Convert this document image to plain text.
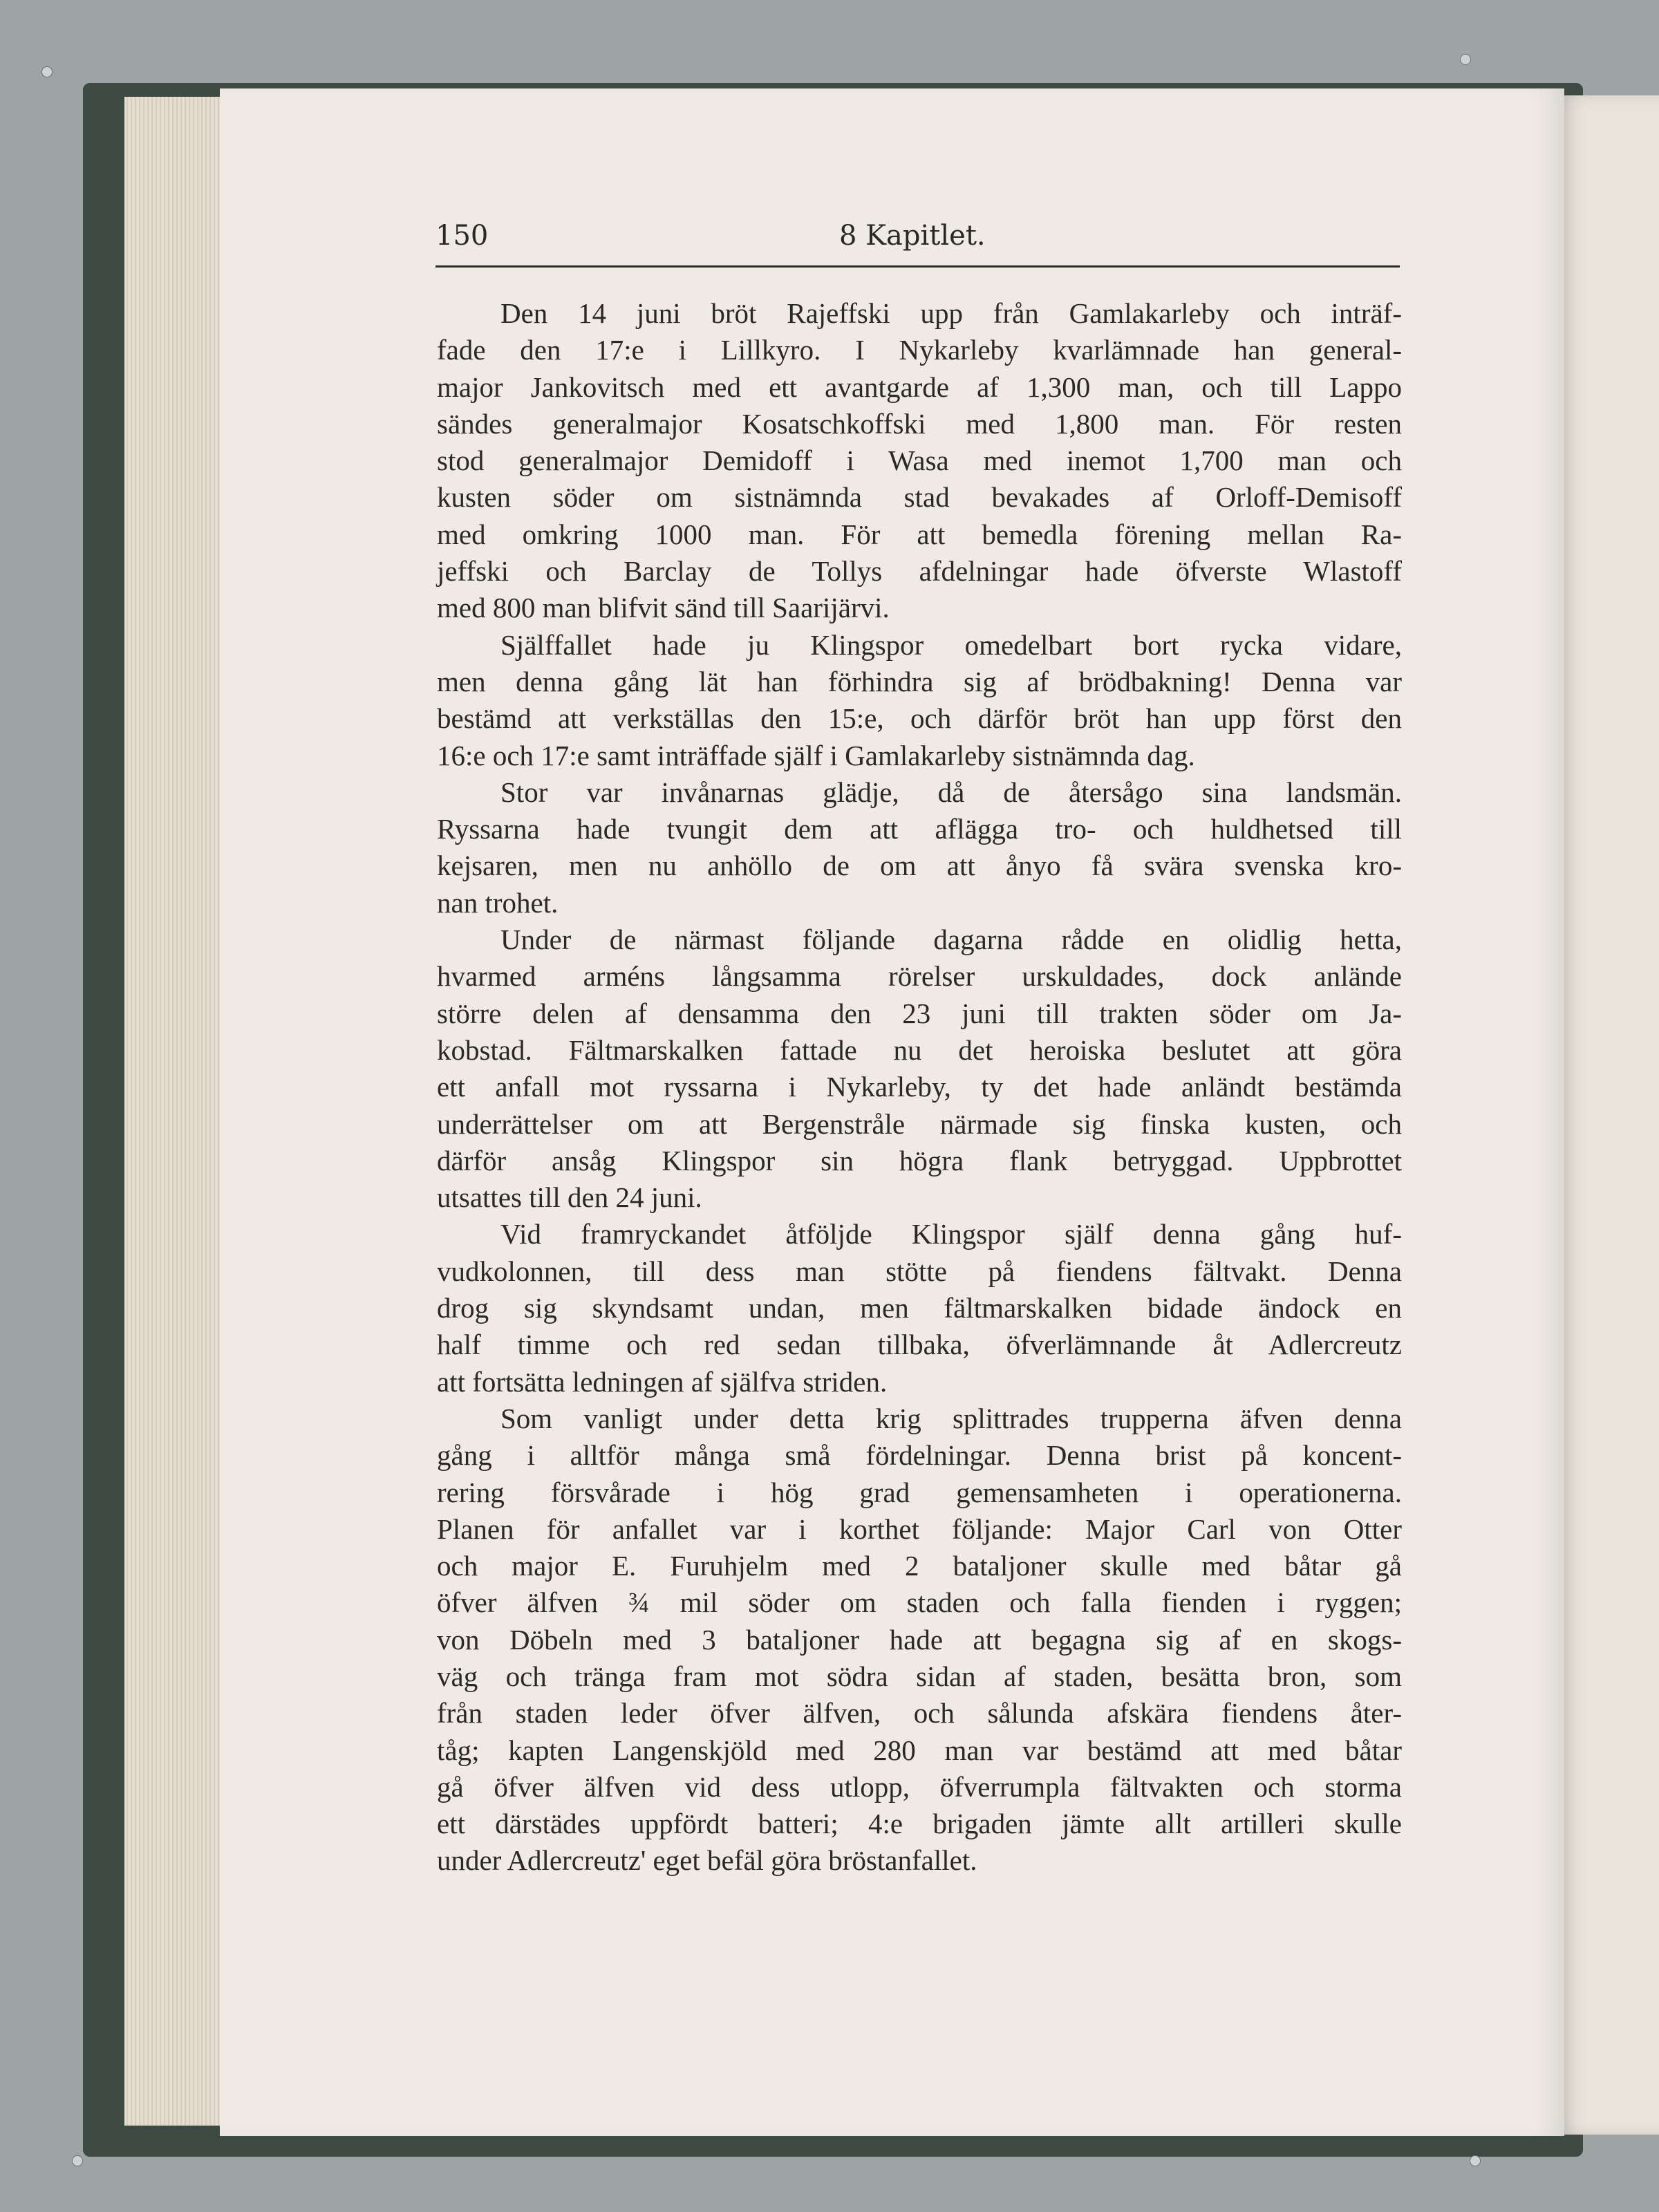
150	8 Kapitlet.
Den 14 juni bröt Rajeffski upp från Gamlakarleby och inträf-
fade den 17:e i Lillkyro. I Nykarleby kvarlämnade han general-
major Jankovitsch med ett avantgarde af 1,300 man, och till Lappo
sändes generalmajor Kosatschkoffski med 1,800 man. För resten
stod generalmajor Demidoff i Wasa med inemot 1,700 man och
kusten söder om sistnämnda stad bevakades af Orloff-Demisoff
med omkring 1000 man. För att bemedla förening mellan Ra-
jeffski och Barclay de Tollys afdelningar hade öfverste Wlastoff
med 800 man blifvit sänd till Saarijärvi.
Själffallet hade ju Klingspor omedelbart bort rycka vidare,
men denna gång lät han förhindra sig af brödbakning! Denna var
bestämd att verkställas den 15:e, och därför bröt han upp först den
16:e och 17:e samt inträffade själf i Gamlakarleby sistnämnda dag.
Stor var invånarnas glädje, då de återsågo sina landsmän.
Ryssarna hade tvungit dem att aflägga tro- och huldhetsed till
kejsaren, men nu anhöllo de om att ånyo få svära svenska kro-
nan trohet.
Under de närmast följande dagarna rådde en olidlig hetta,
hvarmed arméns långsamma rörelser urskuldades, dock anlände
större delen af densamma den 23 juni till trakten söder om Ja-
kobstad. Fältmarskalken fattade nu det heroiska beslutet att göra
ett anfall mot ryssarna i Nykarleby, ty det hade anländt bestämda
underrättelser om att Bergenstråle närmade sig finska kusten, och
därför ansåg Klingspor sin högra flank betryggad. Uppbrottet
utsattes till den 24 juni.
Vid framryckandet åtföljde Klingspor själf denna gång huf-
vudkolonnen, till dess man stötte på fiendens fältvakt. Denna
drog sig skyndsamt undan, men fältmarskalken bidade ändock en
half timme och red sedan tillbaka, öfverlämnande åt Adlercreutz
att fortsätta ledningen af själfva striden.
Som vanligt under detta krig splittrades trupperna äfven denna
gång i alltför många små fördelningar. Denna brist på koncent-
rering försvårade i hög grad gemensamheten i operationerna.
Planen för anfallet var i korthet följande: Major Carl von Otter
och major E. Furuhjelm med 2 bataljoner skulle med båtar gå
öfver älfven ¾ mil söder om staden och falla fienden i ryggen;
von Döbeln med 3 bataljoner hade att begagna sig af en skogs-
väg och tränga fram mot södra sidan af staden, besätta bron, som
från staden leder öfver älfven, och sålunda afskära fiendens åter-
tåg; kapten Langenskjöld med 280 man var bestämd att med båtar
gå öfver älfven vid dess utlopp, öfverrumpla fältvakten och storma
ett därstädes uppfördt batteri; 4:e brigaden jämte allt artilleri skulle
under Adlercreutz' eget befäl göra bröstanfallet.
